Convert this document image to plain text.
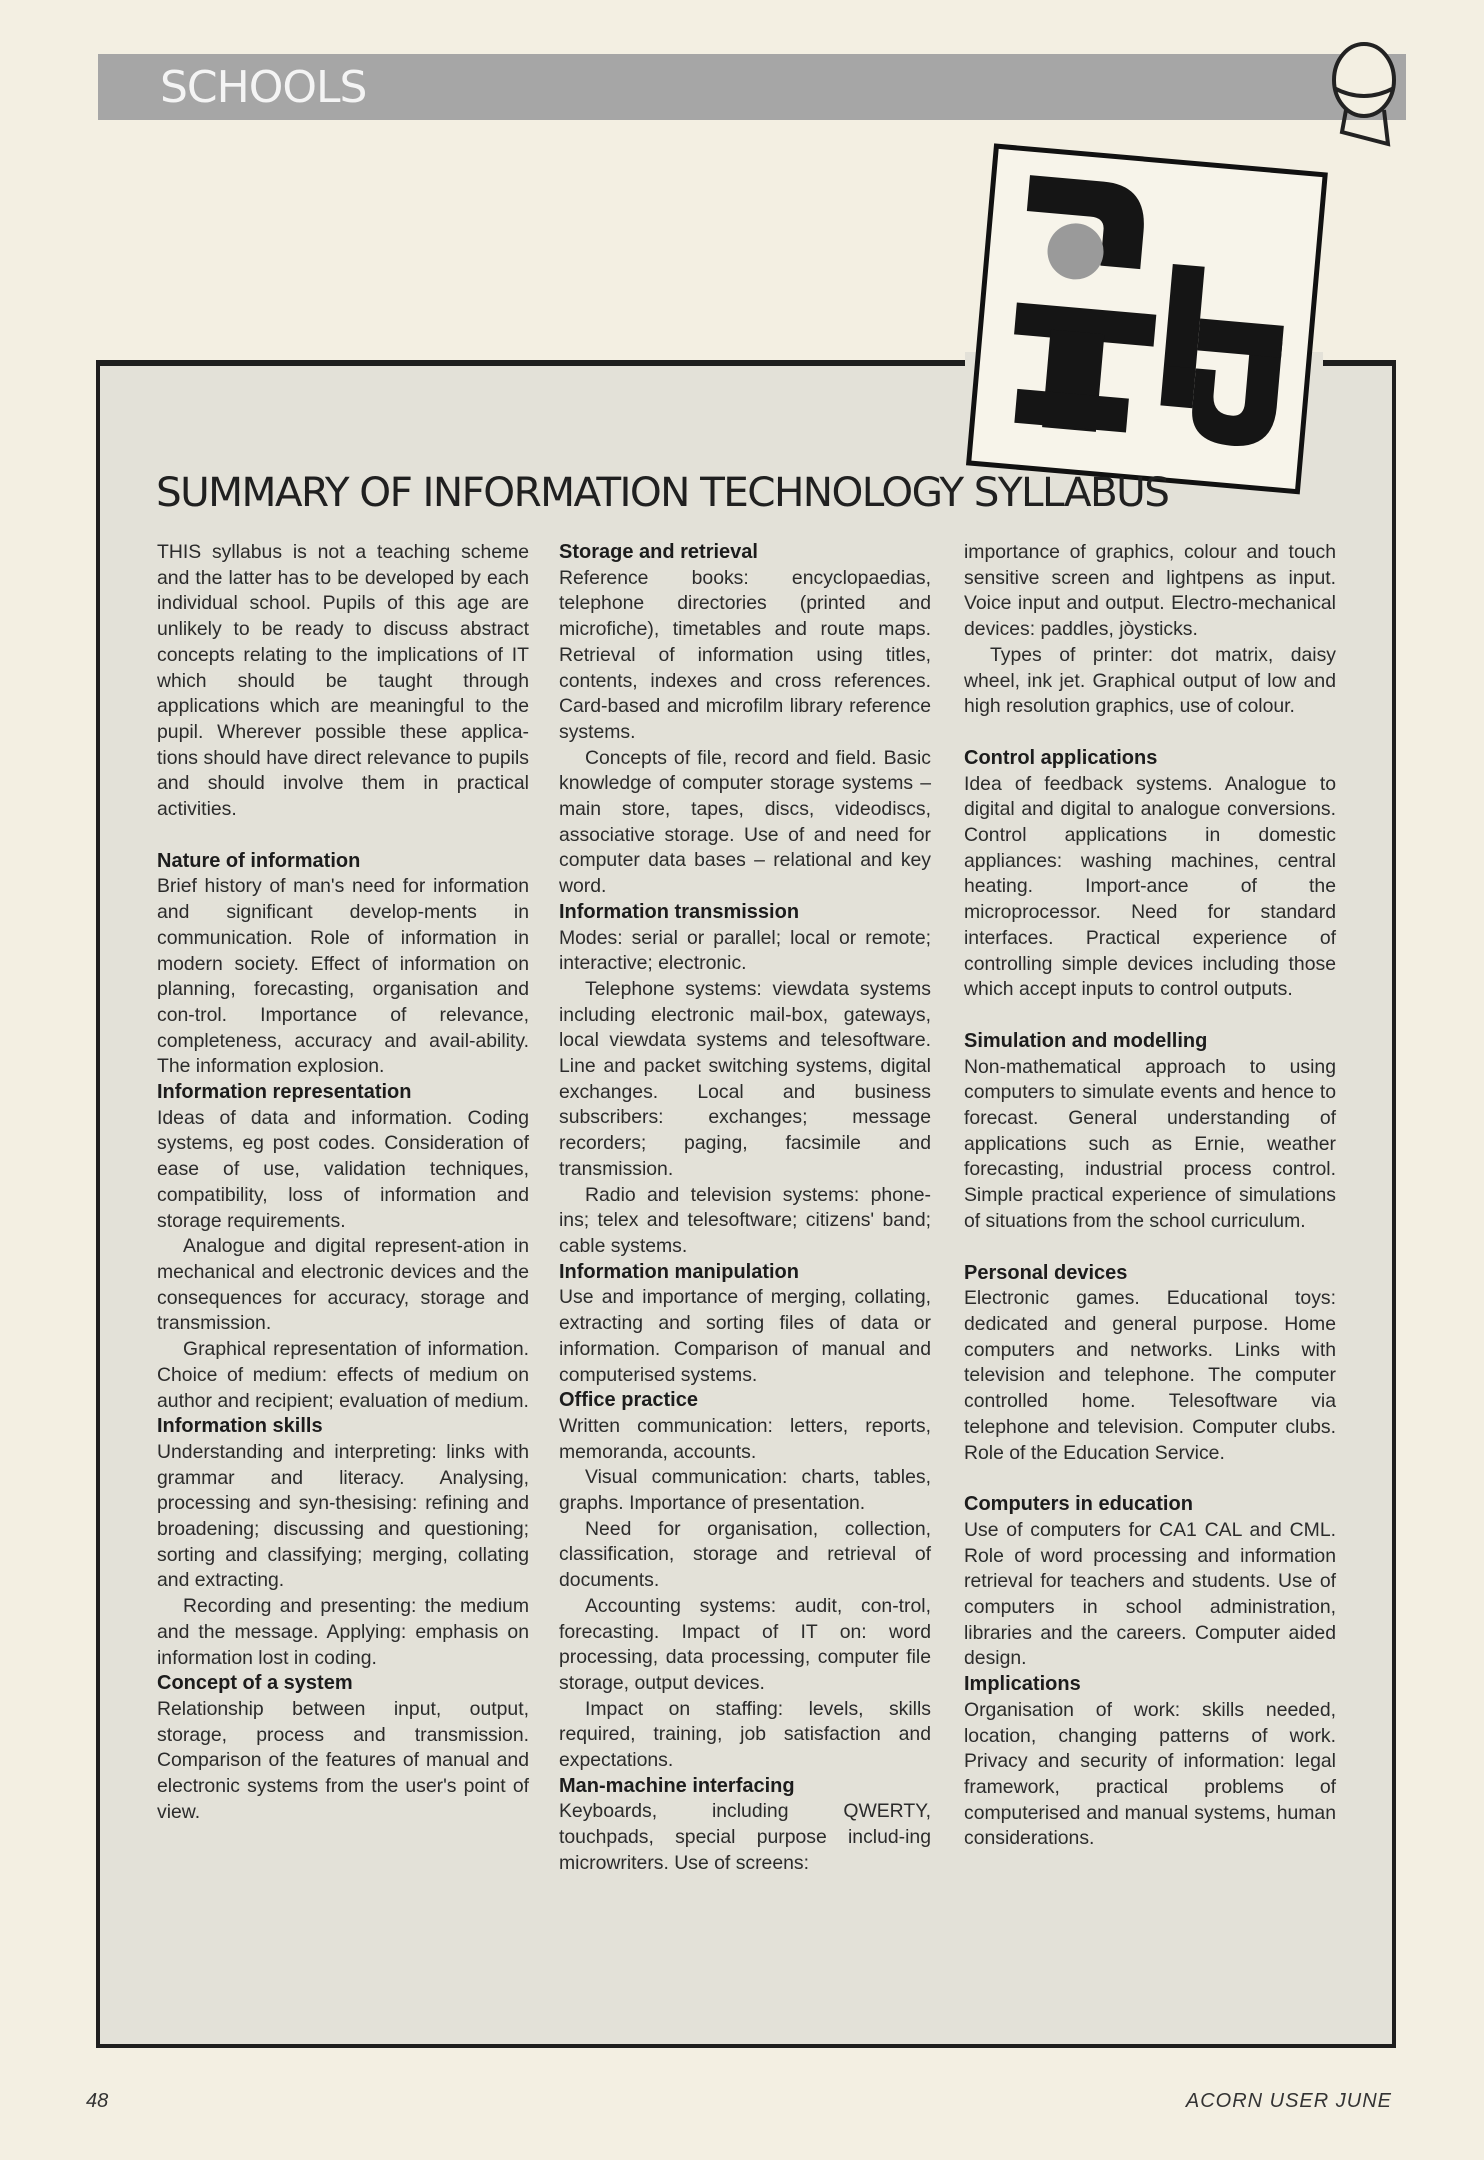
SCHOOLS
SUMMARY OF INFORMATION TECHNOLOGY SYLLABUS

THIS syllabus is not a teaching scheme and the latter has to be developed by each individual school. Pupils of this age are unlikely to be ready to discuss abstract concepts relating to the implications of IT which should be taught through applications which are meaningful to the pupil. Wherever possible these applica-tions should have direct relevance to pupils and should involve them in practical activities.

Nature of information

Brief history of man's need for information and significant develop-ments in communication. Role of information in modern society. Effect of information on planning, forecasting, organisation and con-trol. Importance of relevance, completeness, accuracy and avail-ability. The information explosion.

Information representation

Ideas of data and information. Coding systems, eg post codes. Consideration of ease of use, validation techniques, compatibility, loss of information and storage requirements.

Analogue and digital represent-ation in mechanical and electronic devices and the consequences for accuracy, storage and transmission.

Graphical representation of information. Choice of medium: effects of medium on author and recipient; evaluation of medium.

Information skills

Understanding and interpreting: links with grammar and literacy. Analysing, processing and syn-thesising: refining and broadening; discussing and questioning; sorting and classifying; merging, collating and extracting.

Recording and presenting: the medium and the message. Applying: emphasis on information lost in coding.

Concept of a system

Relationship between input, output, storage, process and transmission. Comparison of the features of manual and electronic systems from the user's point of view.

Storage and retrieval

Reference books: encyclopaedias, telephone directories (printed and microfiche), timetables and route maps. Retrieval of information using titles, contents, indexes and cross references. Card-based and microfilm library reference systems.

Concepts of file, record and field. Basic knowledge of computer storage systems – main store, tapes, discs, videodiscs, associative storage. Use of and need for computer data bases – relational and key word.

Information transmission

Modes: serial or parallel; local or remote; interactive; electronic.

Telephone systems: viewdata systems including electronic mail-box, gateways, local viewdata systems and telesoftware. Line and packet switching systems, digital exchanges. Local and business subscribers: exchanges; message recorders; paging, facsimile and transmission.

Radio and television systems: phone-ins; telex and telesoftware; citizens' band; cable systems.

Information manipulation

Use and importance of merging, collating, extracting and sorting files of data or information. Comparison of manual and computerised systems.

Office practice

Written communication: letters, reports, memoranda, accounts.

Visual communication: charts, tables, graphs. Importance of presentation.

Need for organisation, collection, classification, storage and retrieval of documents.

Accounting systems: audit, con-trol, forecasting. Impact of IT on: word processing, data processing, computer file storage, output devices.

Impact on staffing: levels, skills required, training, job satisfaction and expectations.

Man-machine interfacing

Keyboards, including QWERTY, touchpads, special purpose includ-ing microwriters. Use of screens:

importance of graphics, colour and touch sensitive screen and lightpens as input. Voice input and output. Electro-mechanical devices: paddles, jòysticks.

Types of printer: dot matrix, daisy wheel, ink jet. Graphical output of low and high resolution graphics, use of colour.

Control applications

Idea of feedback systems. Analogue to digital and digital to analogue conversions. Control applications in domestic appliances: washing machines, central heating. Import-ance of the microprocessor. Need for standard interfaces. Practical experience of controlling simple devices including those which accept inputs to control outputs.

Simulation and modelling

Non-mathematical approach to using computers to simulate events and hence to forecast. General understanding of applications such as Ernie, weather forecasting, industrial process control. Simple practical experience of simulations of situations from the school curriculum.

Personal devices

Electronic games. Educational toys: dedicated and general purpose. Home computers and networks. Links with television and telephone. The computer controlled home. Telesoftware via telephone and television. Computer clubs. Role of the Education Service.

Computers in education

Use of computers for CA1 CAL and CML. Role of word processing and information retrieval for teachers and students. Use of computers in school administration, libraries and the careers. Computer aided design.

Implications

Organisation of work: skills needed, location, changing patterns of work. Privacy and security of information: legal framework, practical problems of computerised and manual systems, human considerations.

48	ACORN USER JUNE
